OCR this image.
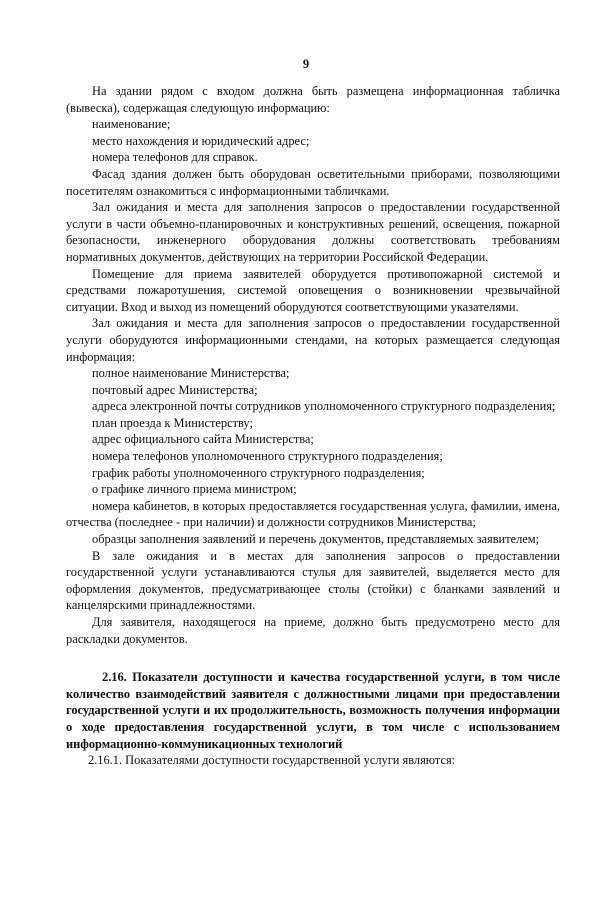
9

На здании рядом с входом должна быть размещена информационная табличка (вывеска), содержащая следующую информацию:

наименование;

место нахождения и юридический адрес;

номера телефонов для справок.

Фасад здания должен быть оборудован осветительными приборами, позволяющими посетителям ознакомиться с информационными табличками.

Зал ожидания и места для заполнения запросов о предоставлении государственной услуги в части объемно-планировочных и конструктивных решений, освещения, пожарной безопасности, инженерного оборудования должны соответствовать требованиям нормативных документов, действующих на территории Российской Федерации.

Помещение для приема заявителей оборудуется противопожарной системой и средствами пожаротушения, системой оповещения о возникновении чрезвычайной ситуации. Вход и выход из помещений оборудуются соответствующими указателями.

Зал ожидания и места для заполнения запросов о предоставлении государственной услуги оборудуются информационными стендами, на которых размещается следующая информация:

полное наименование Министерства;

почтовый адрес Министерства;

адреса электронной почты сотрудников уполномоченного структурного подразделения;

план проезда к Министерству;

адрес официального сайта Министерства;

номера телефонов уполномоченного структурного подразделения;

график работы уполномоченного структурного подразделения;

о графике личного приема министром;

номера кабинетов, в которых предоставляется государственная услуга, фамилии, имена, отчества (последнее - при наличии) и должности сотрудников Министерства;

образцы заполнения заявлений и перечень документов, представляемых заявителем;

В зале ожидания и в местах для заполнения запросов о предоставлении государственной услуги устанавливаются стулья для заявителей, выделяется место для оформления документов, предусматривающее столы (стойки) с бланками заявлений и канцелярскими принадлежностями.

Для заявителя, находящегося на приеме, должно быть предусмотрено место для раскладки документов.

2.16. Показатели доступности и качества государственной услуги, в том числе количество взаимодействий заявителя с должностными лицами при предоставлении государственной услуги и их продолжительность, возможность получения информации о ходе предоставления государственной услуги, в том числе с использованием информационно-коммуникационных технологий

2.16.1. Показателями доступности государственной услуги являются:
